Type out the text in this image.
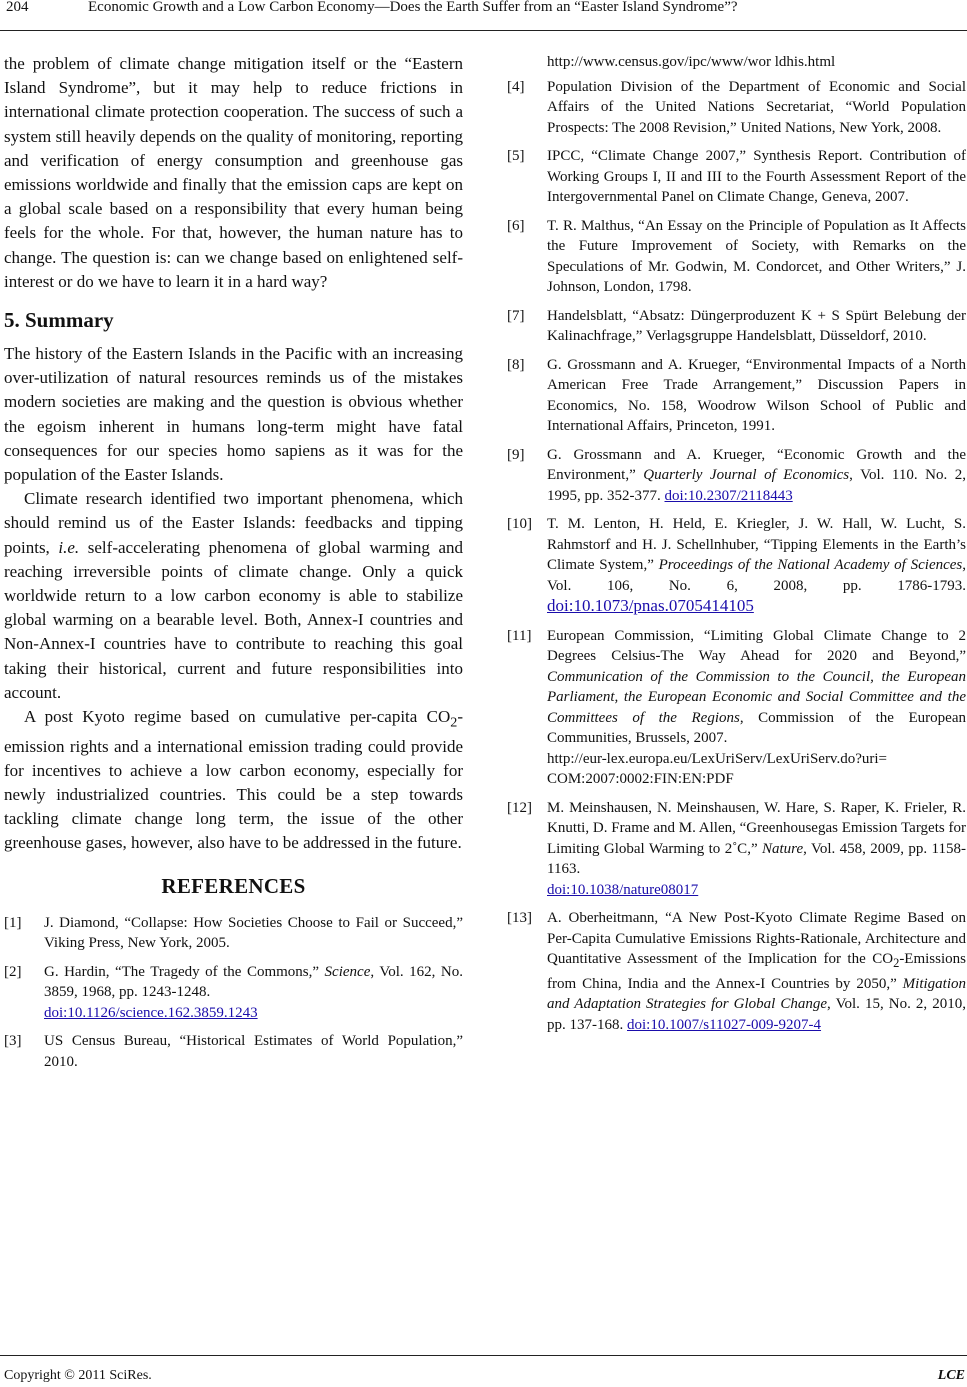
204	Economic Growth and a Low Carbon Economy—Does the Earth Suffer from an “Easter Island Syndrome”?

the problem of climate change mitigation itself or the “Eastern Island Syndrome”, but it may help to reduce frictions in international climate protection cooperation. The success of such a system still heavily depends on the quality of monitoring, reporting and verification of energy consumption and greenhouse gas emissions worldwide and finally that the emission caps are kept on a global scale based on a responsibility that every human being feels for the whole. For that, however, the human nature has to change. The question is: can we change based on enlightened self-interest or do we have to learn it in a hard way?

5. Summary

The history of the Eastern Islands in the Pacific with an increasing over-utilization of natural resources reminds us of the mistakes modern societies are making and the question is obvious whether the egoism inherent in humans long-term might have fatal consequences for our species homo sapiens as it was for the population of the Easter Islands.

Climate research identified two important phenomena, which should remind us of the Easter Islands: feedbacks and tipping points, i.e. self-accelerating phenomena of global warming and reaching irreversible points of climate change. Only a quick worldwide return to a low carbon economy is able to stabilize global warming on a bearable level. Both, Annex-I countries and Non-Annex-I countries have to contribute to reaching this goal taking their historical, current and future responsibilities into account.

A post Kyoto regime based on cumulative per-capita $CO_2$-emission rights and a international emission trading could provide for incentives to achieve a low carbon economy, especially for newly industrialized countries. This could be a step towards tackling climate change long term, the issue of the other greenhouse gases, however, also have to be addressed in the future.

REFERENCES
[1]	J. Diamond, “Collapse: How Societies Choose to Fail or Succeed,” Viking Press, New York, 2005.
[2]	G. Hardin, “The Tragedy of the Commons,” Science, Vol. 162, No. 3859, 1968, pp. 1243-1248.
doi:10.1126/science.162.3859.1243
[3]	US Census Bureau, “Historical Estimates of World Population,” 2010.
http://www.census.gov/ipc/www/wor ldhis.html
[4]	Population Division of the Department of Economic and Social Affairs of the United Nations Secretariat, “World Population Prospects: The 2008 Revision,” United Nations, New York, 2008.
[5]	IPCC, “Climate Change 2007,” Synthesis Report. Contribution of Working Groups I, II and III to the Fourth Assessment Report of the Intergovernmental Panel on Climate Change, Geneva, 2007.
[6]	T. R. Malthus, “An Essay on the Principle of Population as It Affects the Future Improvement of Society, with Remarks on the Speculations of Mr. Godwin, M. Condorcet, and Other Writers,” J. Johnson, London, 1798.
[7]	Handelsblatt, “Absatz: Düngerproduzent K + S Spürt Belebung der Kalinachfrage,” Verlagsgruppe Handelsblatt, Düsseldorf, 2010.
[8]	G. Grossmann and A. Krueger, “Environmental Impacts of a North American Free Trade Arrangement,” Discussion Papers in Economics, No. 158, Woodrow Wilson School of Public and International Affairs, Princeton, 1991.
[9]	G. Grossmann and A. Krueger, “Economic Growth and the Environment,” Quarterly Journal of Economics, Vol. 110. No. 2, 1995, pp. 352-377. doi:10.2307/2118443
[10]	T. M. Lenton, H. Held, E. Kriegler, J. W. Hall, W. Lucht, S. Rahmstorf and H. J. Schellnhuber, “Tipping Elements in the Earth’s Climate System,” Proceedings of the National Academy of Sciences, Vol. 106, No. 6, 2008, pp. 1786-1793. doi:10.1073/pnas.0705414105
[11]	European Commission, “Limiting Global Climate Change to 2 Degrees Celsius-The Way Ahead for 2020 and Beyond,” Communication of the Commission to the Council, the European Parliament, the European Economic and Social Committee and the Committees of the Regions, Commission of the European Communities, Brussels, 2007.
http://eur-lex.europa.eu/LexUriServ/LexUriServ.do?uri=
COM:2007:0002:FIN:EN:PDF
[12]	M. Meinshausen, N. Meinshausen, W. Hare, S. Raper, K. Frieler, R. Knutti, D. Frame and M. Allen, “Greenhousegas Emission Targets for Limiting Global Warming to 2˚C,” Nature, Vol. 458, 2009, pp. 1158-1163.
doi:10.1038/nature08017
[13]	A. Oberheitmann, “A New Post-Kyoto Climate Regime Based on Per-Capita Cumulative Emissions Rights-Rationale, Architecture and Quantitative Assessment of the Implication for the $CO_2$-Emissions from China, India and the Annex-I Countries by 2050,” Mitigation and Adaptation Strategies for Global Change, Vol. 15, No. 2, 2010, pp. 137-168. doi:10.1007/s11027-009-9207-4
Copyright © 2011 SciRes.	LCE
